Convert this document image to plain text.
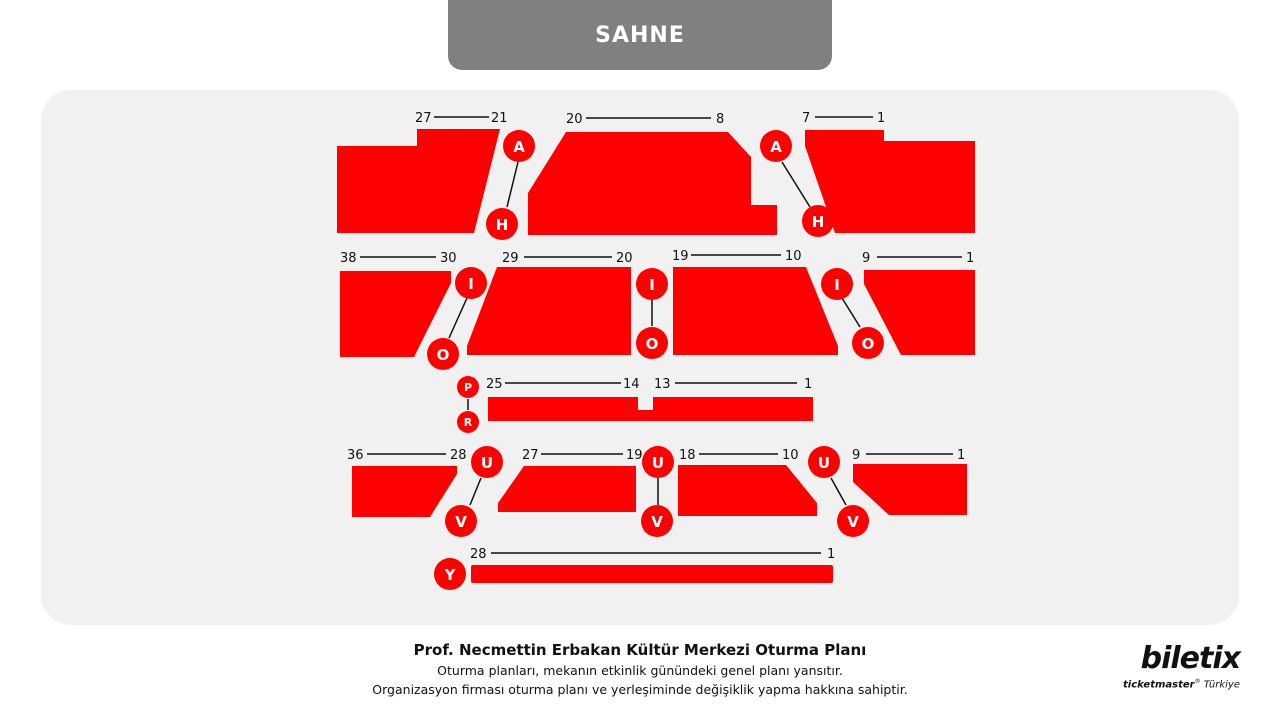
SAHNE
27	21	20	8	7	1
38	30	29	20	19	10	9	1
25	14 13	1
36	28	27	19	18	10	9	1
28	1
A
H
A
H
I
O
I
O
I
O
P
R
U
V
U
V
U
V
Y
Prof. Necmettin Erbakan Kültür Merkezi Oturma Planı
Oturma planları, mekanın etkinlik günündeki genel planı yansıtır.
Organizasyon firması oturma planı ve yerleşiminde değişiklik yapma hakkına sahiptir.
biletix
ticketmaster® Türkiye
